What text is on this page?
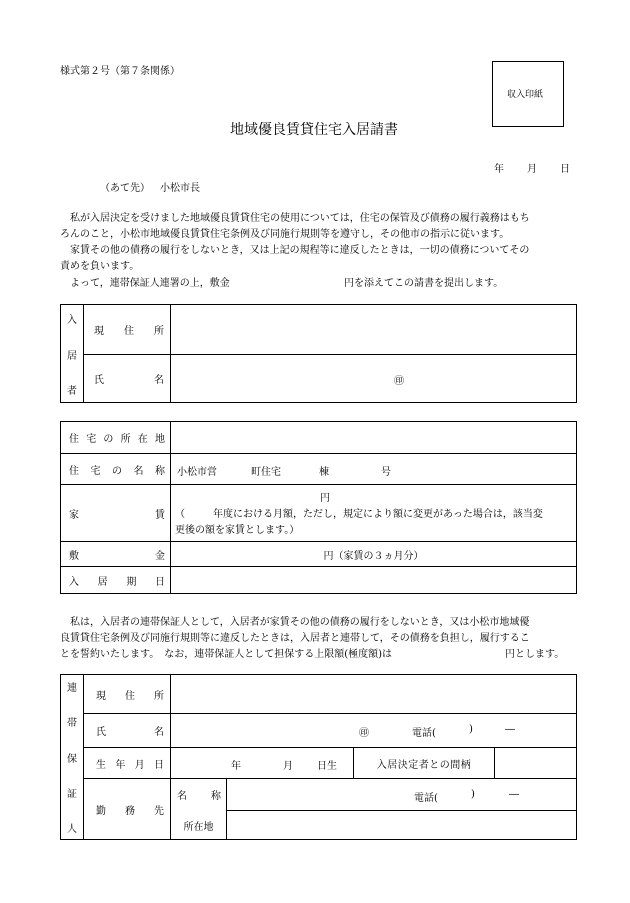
様式第２号（第７条関係）
収入印紙
地域優良賃貸住宅入居請書
年 月 日
（あて先） 小松市長
　私が入居決定を受けました地域優良賃貸住宅の使用については，住宅の保管及び債務の履行義務はもち
ろんのこと，小松市地域優良賃貸住宅条例及び同施行規則等を遵守し，その他市の指示に従います。
　家賃その他の債務の履行をしないとき，又は上記の規程等に違反したときは，一切の債務についてその
責めを負います。
　よって，連帯保証人連署の上，敷金	円を添えてこの請書を提出します。
入
居
者
現 住 所
氏	名	㊞
住 宅 の 所 在 地
住 宅 の 名 称 小松市営	町住宅	棟	号
家	賃
円
（	年度における月額，ただし，規定により額に変更があった場合は，該当変
更後の額を家賃とします。）
敷	金	円（家賃の３ヵ月分）
入 居 期 日
　私は，入居者の連帯保証人として，入居者が家賃その他の債務の履行をしないとき，又は小松市地域優
良賃貸住宅条例及び同施行規則等に違反したときは，入居者と連帯して，その債務を負担し，履行するこ
とを誓約いたします。　なお，連帯保証人として担保する上限額(極度額)は	円とします。
連
帯
保
証
人
現 住 所
氏	名	㊞	電話(	)	―
生 年 月 日	年	月 日生	入居決定者との間柄
勤 務 先
名 称	電話(	)	―
所在地
